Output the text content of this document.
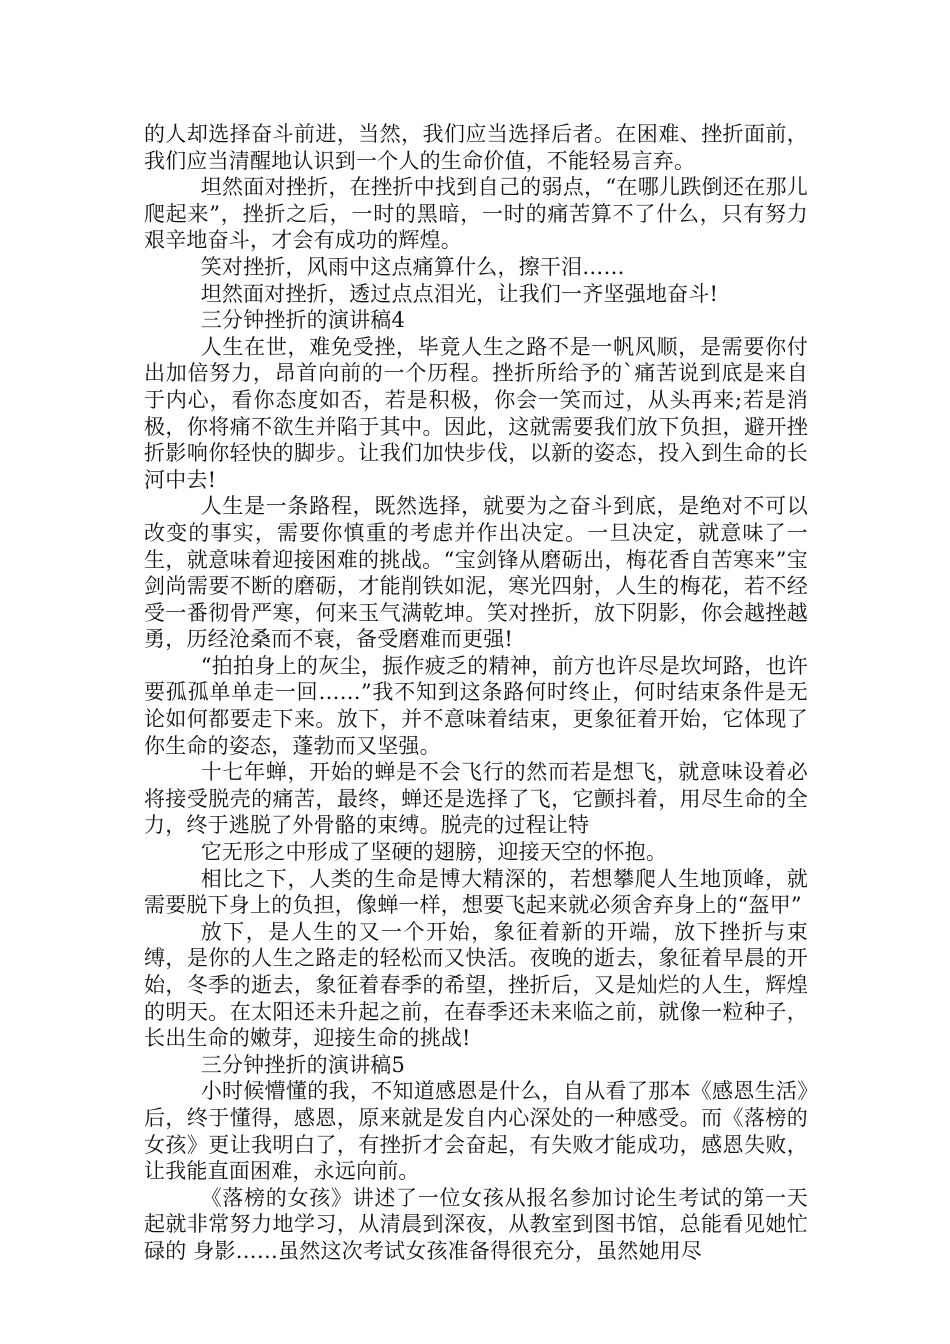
的人却选择奋斗前进，当然，我们应当选择后者。在困难、挫折面前，我们应当清醒地认识到一个人的生命价值，不能轻易言弃。

坦然面对挫折，在挫折中找到自己的弱点，“在哪儿跌倒还在那儿爬起来”，挫折之后，一时的黑暗，一时的痛苦算不了什么，只有努力艰辛地奋斗，才会有成功的辉煌。

笑对挫折，风雨中这点痛算什么，擦干泪……

坦然面对挫折，透过点点泪光，让我们一齐坚强地奋斗!

三分钟挫折的演讲稿4

人生在世，难免受挫，毕竟人生之路不是一帆风顺，是需要你付出加倍努力，昂首向前的一个历程。挫折所给予的`痛苦说到底是来自于内心，看你态度如否，若是积极，你会一笑而过，从头再来;若是消极，你将痛不欲生并陷于其中。因此，这就需要我们放下负担，避开挫折影响你轻快的脚步。让我们加快步伐，以新的姿态，投入到生命的长河中去!

人生是一条路程，既然选择，就要为之奋斗到底，是绝对不可以改变的事实，需要你慎重的考虑并作出决定。一旦决定，就意味了一生，就意味着迎接困难的挑战。“宝剑锋从磨砺出，梅花香自苦寒来”宝剑尚需要不断的磨砺，才能削铁如泥，寒光四射，人生的梅花，若不经受一番彻骨严寒，何来玉气满乾坤。笑对挫折，放下阴影，你会越挫越勇，历经沧桑而不衰，备受磨难而更强!

“拍拍身上的灰尘，振作疲乏的精神，前方也许尽是坎坷路，也许要孤孤单单走一回……”我不知到这条路何时终止，何时结束条件是无论如何都要走下来。放下，并不意味着结束，更象征着开始，它体现了你生命的姿态，蓬勃而又坚强。

十七年蝉，开始的蝉是不会飞行的然而若是想飞，就意味设着必将接受脱壳的痛苦，最终，蝉还是选择了飞，它颤抖着，用尽生命的全力，终于逃脱了外骨骼的束缚。脱壳的过程让特

它无形之中形成了坚硬的翅膀，迎接天空的怀抱。

相比之下，人类的生命是博大精深的，若想攀爬人生地顶峰，就需要脱下身上的负担，像蝉一样，想要飞起来就必须舍弃身上的“盔甲”

放下，是人生的又一个开始，象征着新的开端，放下挫折与束缚，是你的人生之路走的轻松而又快活。夜晚的逝去，象征着早晨的开始，冬季的逝去，象征着春季的希望，挫折后，又是灿烂的人生，辉煌的明天。在太阳还未升起之前，在春季还未来临之前，就像一粒种子，长出生命的嫩芽，迎接生命的挑战!

三分钟挫折的演讲稿5

小时候懵懂的我，不知道感恩是什么，自从看了那本《感恩生活》后，终于懂得，感恩，原来就是发自内心深处的一种感受。而《落榜的女孩》更让我明白了，有挫折才会奋起，有失败才能成功，感恩失败，让我能直面困难，永远向前。

《落榜的女孩》讲述了一位女孩从报名参加讨论生考试的第一天起就非常努力地学习，从清晨到深夜，从教室到图书馆，总能看见她忙碌的 身影……虽然这次考试女孩准备得很充分，虽然她用尽
